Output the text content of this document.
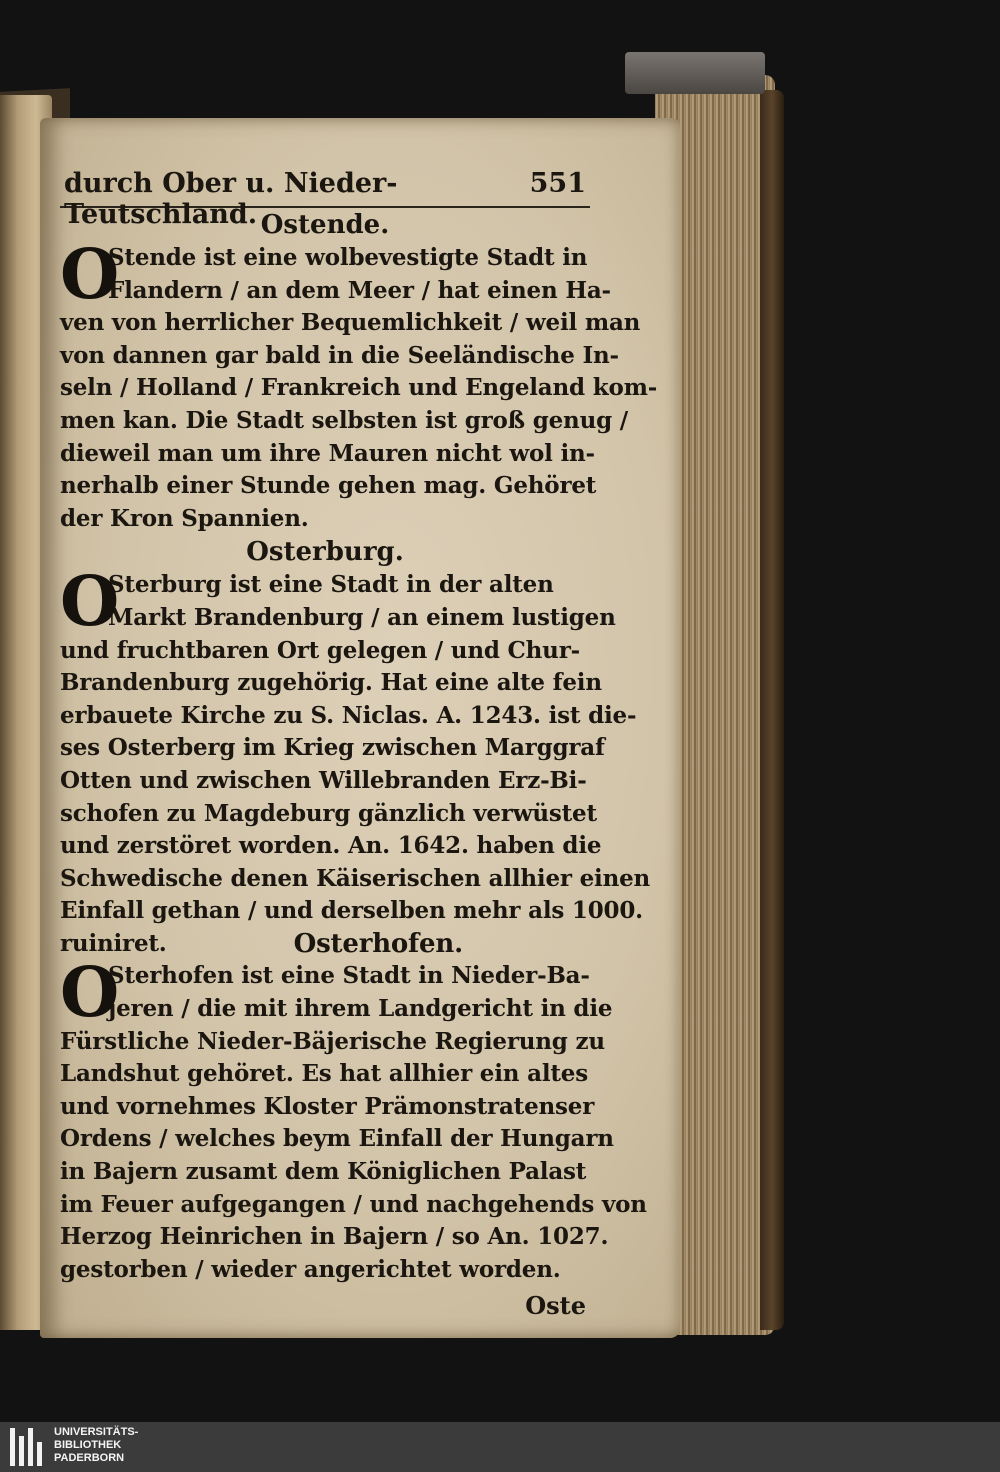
durch Ober u. Nieder-Teutschland.
551
Ostende.
O
Stende ist eine wolbevestigte Stadt in
Flandern / an dem Meer / hat einen Ha-
ven von herrlicher Bequemlichkeit / weil man
von dannen gar bald in die Seeländische In-
seln / Holland / Frankreich und Engeland kom-
men kan. Die Stadt selbsten ist groß genug /
dieweil man um ihre Mauren nicht wol in-
nerhalb einer Stunde gehen mag. Gehöret
der Kron Spannien.
Osterburg.
O
Sterburg ist eine Stadt in der alten
Markt Brandenburg / an einem lustigen
und fruchtbaren Ort gelegen / und Chur-
Brandenburg zugehörig. Hat eine alte fein
erbauete Kirche zu S. Niclas. A. 1243. ist die-
ses Osterberg im Krieg zwischen Marggraf
Otten und zwischen Willebranden Erz-Bi-
schofen zu Magdeburg gänzlich verwüstet
und zerstöret worden. An. 1642. haben die
Schwedische denen Käiserischen allhier einen
Einfall gethan / und derselben mehr als 1000.
ruiniret.	Osterhofen.
O
Sterhofen ist eine Stadt in Nieder-Ba-
jeren / die mit ihrem Landgericht in die
Fürstliche Nieder-Bäjerische Regierung zu
Landshut gehöret. Es hat allhier ein altes
und vornehmes Kloster Prämonstratenser
Ordens / welches beym Einfall der Hungarn
in Bajern zusamt dem Königlichen Palast
im Feuer aufgegangen / und nachgehends von
Herzog Heinrichen in Bajern / so An. 1027.
gestorben / wieder angerichtet worden.
Oste
UNIVERSITÄTS-
BIBLIOTHEK
PADERBORN
